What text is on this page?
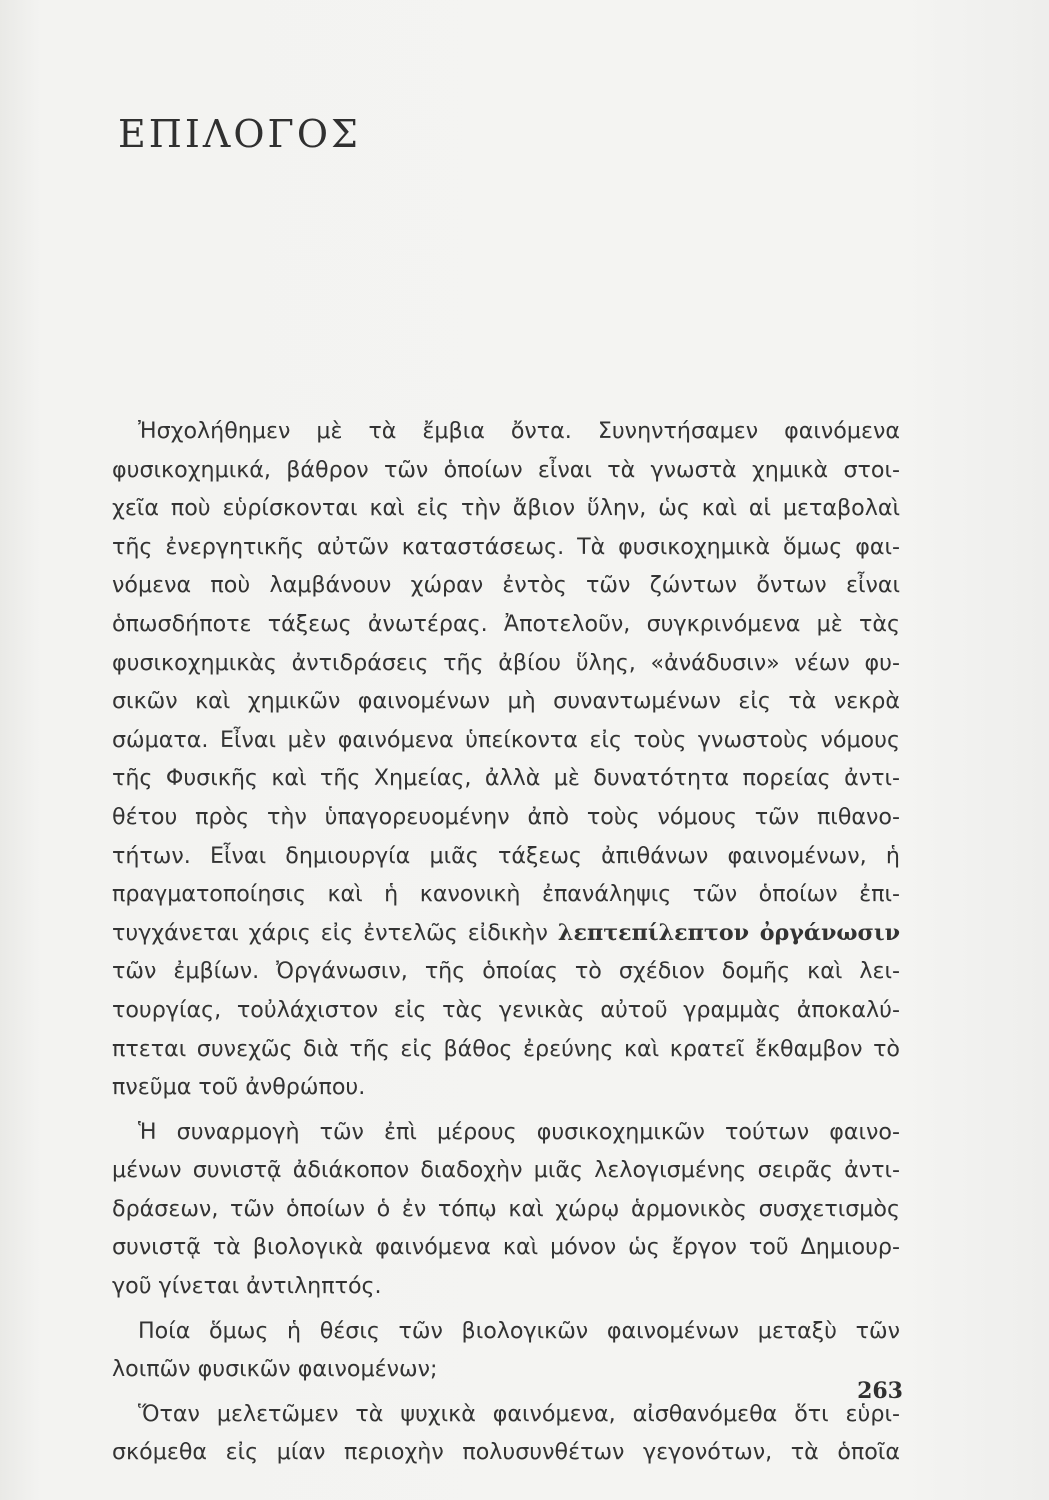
ΕΠΙΛΟΓΟΣ
Ἠσχολήθημεν μὲ τὰ ἔμβια ὄντα. Συνηντήσαμεν φαινόμενα
φυσικοχημικά, βάθρον τῶν ὁποίων εἶναι τὰ γνωστὰ χημικὰ στοι-
χεῖα ποὺ εὑρίσκονται καὶ εἰς τὴν ἄβιον ὕλην, ὡς καὶ αἱ μεταβολαὶ
τῆς ἐνεργητικῆς αὐτῶν καταστάσεως. Τὰ φυσικοχημικὰ ὅμως φαι-
νόμενα ποὺ λαμβάνουν χώραν ἐντὸς τῶν ζώντων ὄντων εἶναι
ὁπωσδήποτε τάξεως ἀνωτέρας. Ἀποτελοῦν, συγκρινόμενα μὲ τὰς
φυσικοχημικὰς ἀντιδράσεις τῆς ἀβίου ὕλης, «ἀνάδυσιν» νέων φυ-
σικῶν καὶ χημικῶν φαινομένων μὴ συναντωμένων εἰς τὰ νεκρὰ
σώματα. Εἶναι μὲν φαινόμενα ὑπείκοντα εἰς τοὺς γνωστοὺς νόμους
τῆς Φυσικῆς καὶ τῆς Χημείας, ἀλλὰ μὲ δυνατότητα πορείας ἀντι-
θέτου πρὸς τὴν ὑπαγορευομένην ἀπὸ τοὺς νόμους τῶν πιθανο-
τήτων. Εἶναι δημιουργία μιᾶς τάξεως ἀπιθάνων φαινομένων, ἡ
πραγματοποίησις καὶ ἡ κανονικὴ ἐπανάληψις τῶν ὁποίων ἐπι-
τυγχάνεται χάρις εἰς ἐντελῶς εἰδικὴν λεπτεπίλεπτον ὀργάνωσιν
τῶν ἐμβίων. Ὀργάνωσιν, τῆς ὁποίας τὸ σχέδιον δομῆς καὶ λει-
τουργίας, τοὐλάχιστον εἰς τὰς γενικὰς αὐτοῦ γραμμὰς ἀποκαλύ-
πτεται συνεχῶς διὰ τῆς εἰς βάθος ἐρεύνης καὶ κρατεῖ ἔκθαμβον τὸ
πνεῦμα τοῦ ἀνθρώπου.
Ἡ συναρμογὴ τῶν ἐπὶ μέρους φυσικοχημικῶν τούτων φαινο-
μένων συνιστᾷ ἀδιάκοπον διαδοχὴν μιᾶς λελογισμένης σειρᾶς ἀντι-
δράσεων, τῶν ὁποίων ὁ ἐν τόπῳ καὶ χώρῳ ἁρμονικὸς συσχετισμὸς
συνιστᾷ τὰ βιολογικὰ φαινόμενα καὶ μόνον ὡς ἔργον τοῦ Δημιουρ-
γοῦ γίνεται ἀντιληπτός.
Ποία ὅμως ἡ θέσις τῶν βιολογικῶν φαινομένων μεταξὺ τῶν
λοιπῶν φυσικῶν φαινομένων;
Ὅταν μελετῶμεν τὰ ψυχικὰ φαινόμενα, αἰσθανόμεθα ὅτι εὑρι-
σκόμεθα εἰς μίαν περιοχὴν πολυσυνθέτων γεγονότων, τὰ ὁποῖα
263
